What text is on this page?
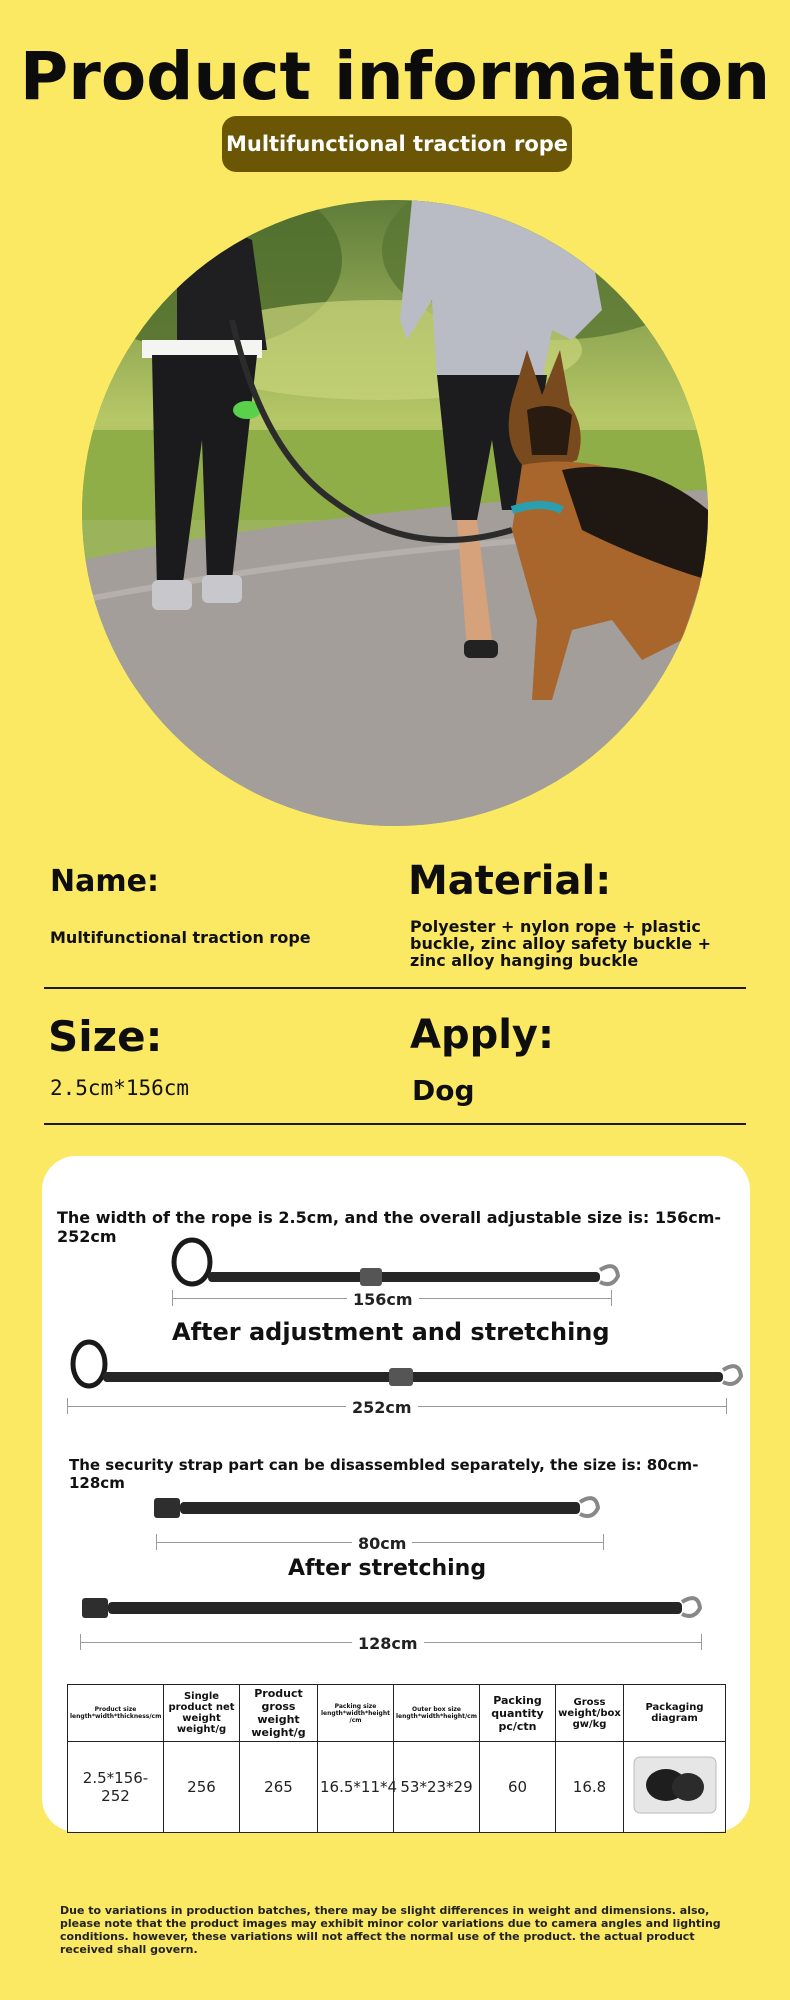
Product information
Multifunctional traction rope
Name:
Multifunctional traction rope
Material:
Polyester + nylon rope + plastic buckle, zinc alloy safety buckle + zinc alloy hanging buckle
Size:
2.5cm*156cm
Apply:
Dog
The width of the rope is 2.5cm, and the overall adjustable size is: 156cm-252cm
156cm
After adjustment and stretching
252cm
The security strap part can be disassembled separately, the size is: 80cm-128cm
80cm
After stretching
128cm
Product size length*width*thickness/cm	Single product net weight weight/g	Product gross weight weight/g	Packing size length*width*height /cm	Outer box size length*width*height/cm	Packing quantity pc/ctn	Gross weight/box gw/kg	Packaging diagram
2.5*156-252	256	265	16.5*11*4	53*23*29	60	16.8	
Due to variations in production batches, there may be slight differences in weight and dimensions. also, please note that the product images may exhibit minor color variations due to camera angles and lighting conditions. however, these variations will not affect the normal use of the product. the actual product received shall govern.
